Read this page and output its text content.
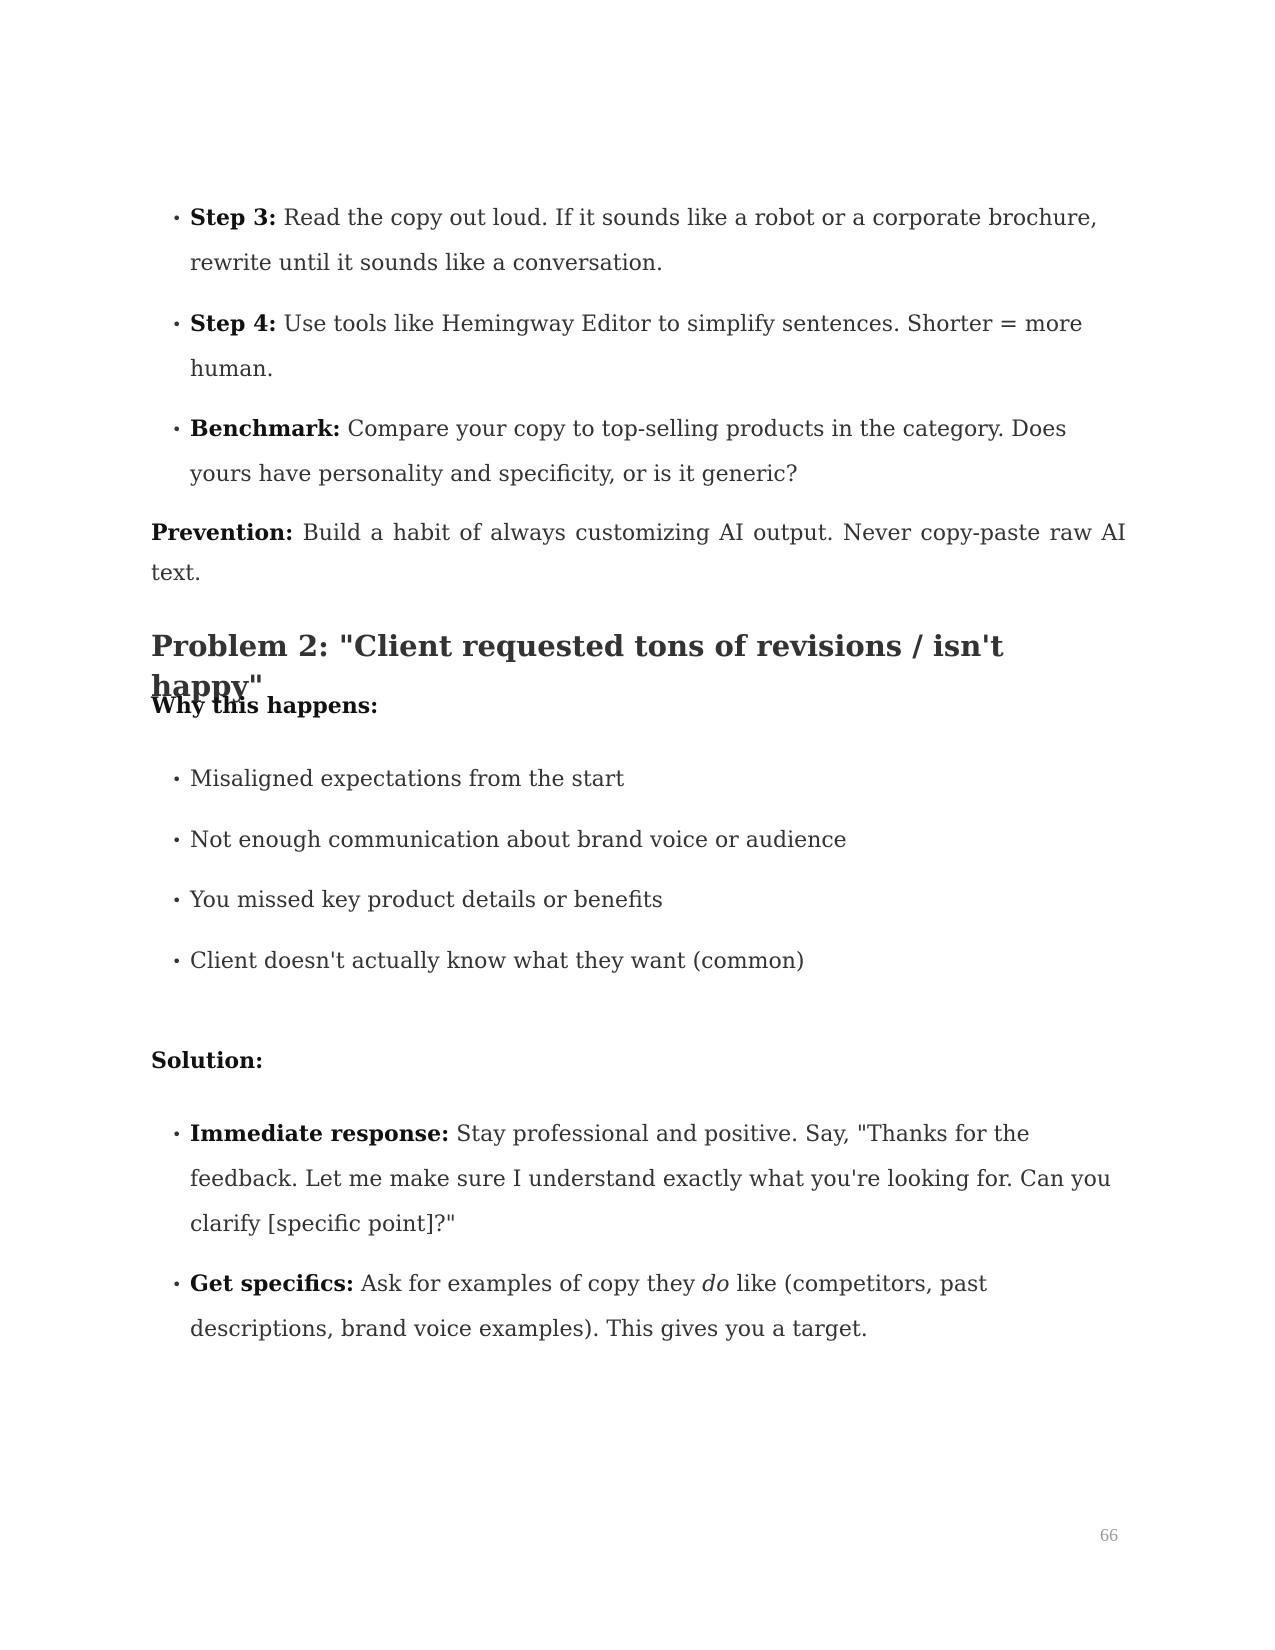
• Step 3: Read the copy out loud. If it sounds like a robot or a corporate brochure, rewrite until it sounds like a conversation.
• Step 4: Use tools like Hemingway Editor to simplify sentences. Shorter = more human.
• Benchmark: Compare your copy to top-selling products in the category. Does yours have personality and specificity, or is it generic?
Prevention: Build a habit of always customizing AI output. Never copy-paste raw AI text.
Problem 2: "Client requested tons of revisions / isn't happy"
Why this happens:
• Misaligned expectations from the start
• Not enough communication about brand voice or audience
• You missed key product details or benefits
• Client doesn't actually know what they want (common)
Solution:
• Immediate response: Stay professional and positive. Say, "Thanks for the feedback. Let me make sure I understand exactly what you're looking for. Can you clarify [specific point]?"
• Get specifics: Ask for examples of copy they do like (competitors, past descriptions, brand voice examples). This gives you a target.
66
